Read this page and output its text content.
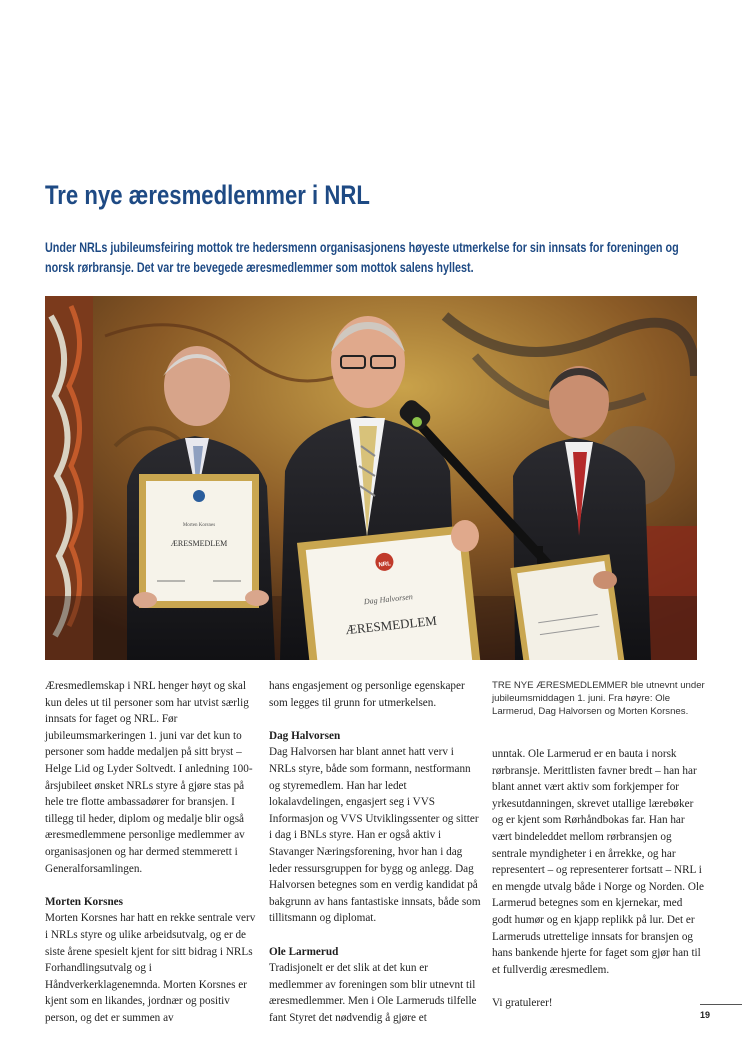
Tre nye æresmedlemmer i NRL

Under NRLs jubileumsfeiring mottok tre hedersmenn organisasjonens høyeste utmerkelse for sin innsats for foreningen og norsk rørbransje. Det var tre bevegede æresmedlemmer som mottok salens hyllest.

Morten Korsnes
ÆRESMEDLEM
NRL
Dag Halvorsen
ÆRESMEDLEM

Æresmedlemskap i NRL henger høyt og skal kun deles ut til personer som har utvist særlig innsats for faget og NRL. Før jubileumsmarkeringen 1. juni var det kun to personer som hadde medaljen på sitt bryst – Helge Lid og Lyder Soltvedt. I anledning 100-årsjubileet ønsket NRLs styre å gjøre stas på hele tre flotte ambassadører for bransjen. I tillegg til heder, diplom og medalje blir også æresmedlemmene personlige medlemmer av organisasjonen og har dermed stemmerett i Generalforsamlingen.

Morten Korsnes

Morten Korsnes har hatt en rekke sentrale verv i NRLs styre og ulike arbeidsutvalg, og er de siste årene spesielt kjent for sitt bidrag i NRLs Forhandlingsutvalg og i Håndverkerklagenemnda. Morten Korsnes er kjent som en likandes, jordnær og positiv person, og det er summen av

hans engasjement og personlige egenskaper som legges til grunn for utmerkelsen.

Dag Halvorsen

Dag Halvorsen har blant annet hatt verv i NRLs styre, både som formann, nestformann og styremedlem. Han har ledet lokalavdelingen, engasjert seg i VVS Informasjon og VVS Utviklingssenter og sitter i dag i BNLs styre. Han er også aktiv i Stavanger Næringsforening, hvor han i dag leder ressursgruppen for bygg og anlegg. Dag Halvorsen betegnes som en verdig kandidat på bakgrunn av hans fantastiske innsats, både som tillitsmann og diplomat.

Ole Larmerud

Tradisjonelt er det slik at det kun er medlemmer av foreningen som blir utnevnt til æresmedlemmer. Men i Ole Larmeruds tilfelle fant Styret det nødvendig å gjøre et

TRE NYE ÆRESMEDLEMMER ble utnevnt under jubileumsmiddagen 1. juni. Fra høyre: Ole Larmerud, Dag Halvorsen og Morten Korsnes.

unntak. Ole Larmerud er en bauta i norsk rørbransje. Merittlisten favner bredt – han har blant annet vært aktiv som forkjemper for yrkesutdanningen, skrevet utallige lærebøker og er kjent som Rørhåndbokas far. Han har vært bindeleddet mellom rørbransjen og sentrale myndigheter i en årrekke, og har representert – og representerer fortsatt – NRL i en mengde utvalg både i Norge og Norden. Ole Larmerud betegnes som en kjernekar, med godt humør og en kjapp replikk på lur. Det er Larmeruds utrettelige innsats for bransjen og hans bankende hjerte for faget som gjør han til et fullverdig æresmedlem.

Vi gratulerer!

19
